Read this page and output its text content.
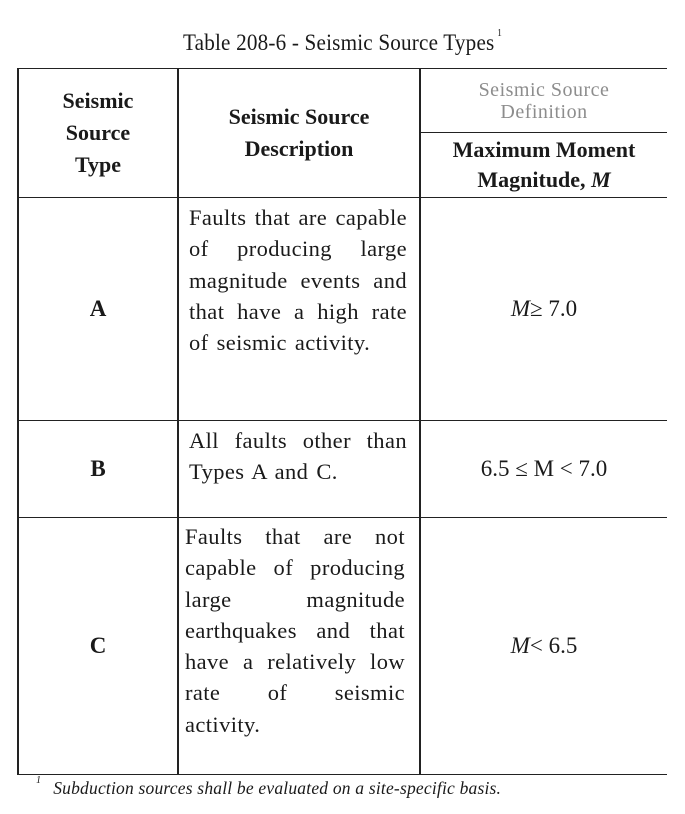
Table 208-6 - Seismic Source Types $^1$
Seismic
Source
Type
Seismic Source
Description
Seismic Source
Definition
Maximum Moment
Magnitude, M
A
Faults that are capable of producing large magnitude events and that have a high rate of seismic activity.
M ≥ 7.0
B
All faults other than Types A and C.	6.5 ≤ M < 7.0
C
Faults that are not capable of producing large magnitude earthquakes and that have a relatively low rate of seismic activity.
M < 6.5
$^1$ Subduction sources shall be evaluated on a site-specific basis.
